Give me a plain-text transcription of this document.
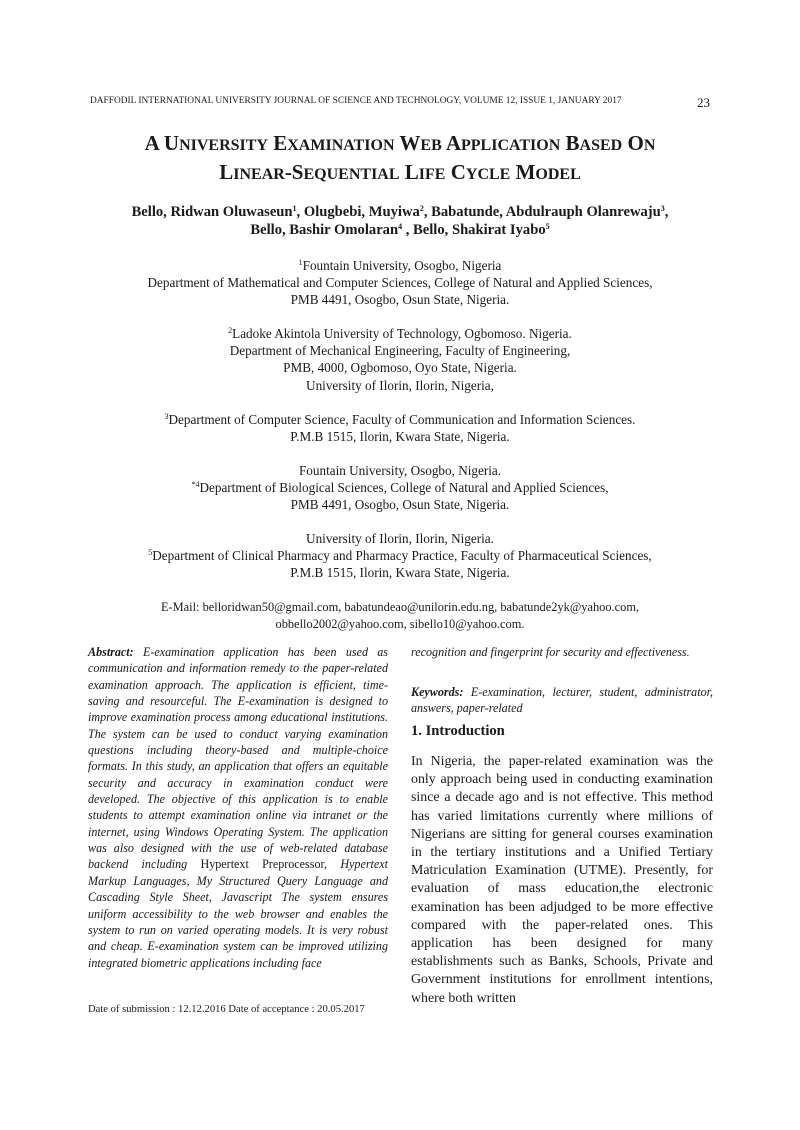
DAFFODIL INTERNATIONAL UNIVERSITY JOURNAL OF SCIENCE AND TECHNOLOGY, VOLUME 12, ISSUE 1, JANUARY 2017	23
A UNIVERSITY EXAMINATION WEB APPLICATION BASED ON
LINEAR-SEQUENTIAL LIFE CYCLE MODEL
Bello, Ridwan Oluwaseun$^1$, Olugbebi, Muyiwa$^2$, Babatunde, Abdulrauph Olanrewaju$^3$,
Bello, Bashir Omolaran$^4$ , Bello, Shakirat Iyabo$^5$
$^1$Fountain University, Osogbo, Nigeria
Department of Mathematical and Computer Sciences, College of Natural and Applied Sciences,
PMB 4491, Osogbo, Osun State, Nigeria.
$^2$Ladoke Akintola University of Technology, Ogbomoso. Nigeria.
Department of Mechanical Engineering, Faculty of Engineering,
PMB, 4000, Ogbomoso, Oyo State, Nigeria.
University of Ilorin, Ilorin, Nigeria,
$^3$Department of Computer Science, Faculty of Communication and Information Sciences.
P.M.B 1515, Ilorin, Kwara State, Nigeria.
Fountain University, Osogbo, Nigeria.
$^{*4}$Department of Biological Sciences, College of Natural and Applied Sciences,
PMB 4491, Osogbo, Osun State, Nigeria.
University of Ilorin, Ilorin, Nigeria.
$^5$Department of Clinical Pharmacy and Pharmacy Practice, Faculty of Pharmaceutical Sciences,
P.M.B 1515, Ilorin, Kwara State, Nigeria.
E-Mail: belloridwan50@gmail.com, babatundeao@unilorin.edu.ng, babatunde2yk@yahoo.com,
obbello2002@yahoo.com, sibello10@yahoo.com.
Abstract: E-examination application has been used as communication and information remedy to the paper-related examination approach. The application is efficient, time-saving and resourceful. The E-examination is designed to improve examination process among educational institutions. The system can be used to conduct varying examination questions including theory-based and multiple-choice formats. In this study, an application that offers an equitable security and accuracy in examination conduct were developed. The objective of this application is to enable students to attempt examination online via intranet or the internet, using Windows Operating System. The application was also designed with the use of web-related database backend including Hypertext Preprocessor, Hypertext Markup Languages, My Structured Query Language and Cascading Style Sheet, Javascript The system ensures uniform accessibility to the web browser and enables the system to run on varied operating models. It is very robust and cheap. E-examination system can be improved utilizing integrated biometric applications including face
recognition and fingerprint for security and effectiveness.
Keywords: E-examination, lecturer, student, administrator, answers, paper-related
1. Introduction
In Nigeria, the paper-related examination was the only approach being used in conducting examination since a decade ago and is not effective. This method has varied limitations currently where millions of Nigerians are sitting for general courses examination in the tertiary institutions and a Unified Tertiary Matriculation Examination (UTME). Presently, for evaluation of mass education,the electronic examination has been adjudged to be more effective compared with the paper-related ones. This application has been designed for many establishments such as Banks, Schools, Private and Government institutions for enrollment intentions, where both written
Date of submission : 12.12.2016 Date of acceptance : 20.05.2017
